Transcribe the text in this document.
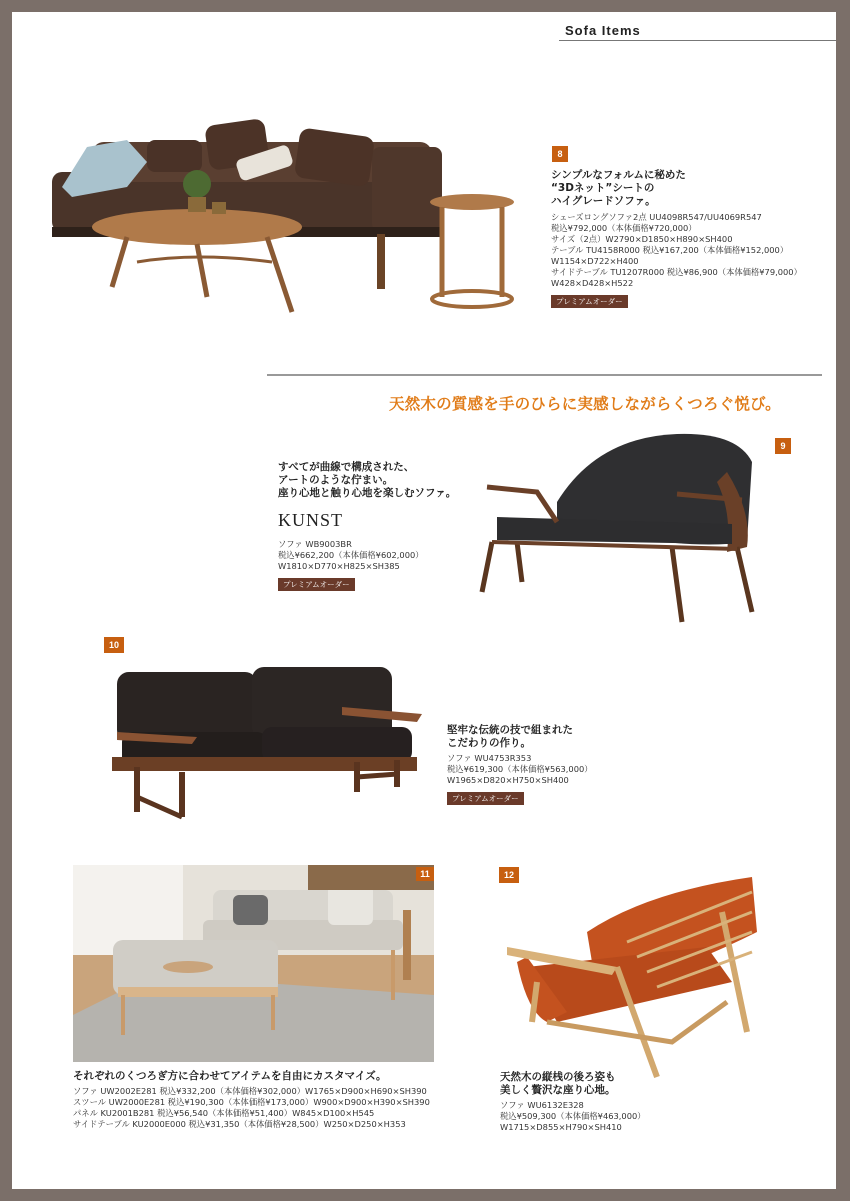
Sofa Items
8
シンプルなフォルムに秘めた
“3Dネット”シートの
ハイグレードソファ。
シェーズロングソファ2点 UU4098R547/UU4069R547
税込¥792,000（本体価格¥720,000）
サイズ（2点）W2790×D1850×H890×SH400
テーブル TU4158R000 税込¥167,200（本体価格¥152,000）
W1154×D722×H400
サイドテーブル TU1207R000 税込¥86,900（本体価格¥79,000）
W428×D428×H522
プレミアムオーダー
天然木の質感を手のひらに実感しながらくつろぐ悦び。
すべてが曲線で構成された、
アートのような佇まい。
座り心地と触り心地を楽しむソファ。
KUNST
ソファ WB9003BR
税込¥662,200（本体価格¥602,000）
W1810×D770×H825×SH385
プレミアムオーダー
9
10
堅牢な伝統の技で組まれた
こだわりの作り。
ソファ WU4753R353
税込¥619,300（本体価格¥563,000）
W1965×D820×H750×SH400
プレミアムオーダー
11
それぞれのくつろぎ方に合わせてアイテムを自由にカスタマイズ。
ソファ UW2002E281 税込¥332,200（本体価格¥302,000）W1765×D900×H690×SH390
スツール UW2000E281 税込¥190,300（本体価格¥173,000）W900×D900×H390×SH390
パネル KU2001B281 税込¥56,540（本体価格¥51,400）W845×D100×H545
サイドテーブル KU2000E000 税込¥31,350（本体価格¥28,500）W250×D250×H353
12
天然木の縦桟の後ろ姿も
美しく贅沢な座り心地。
ソファ WU6132E328
税込¥509,300（本体価格¥463,000）
W1715×D855×H790×SH410
